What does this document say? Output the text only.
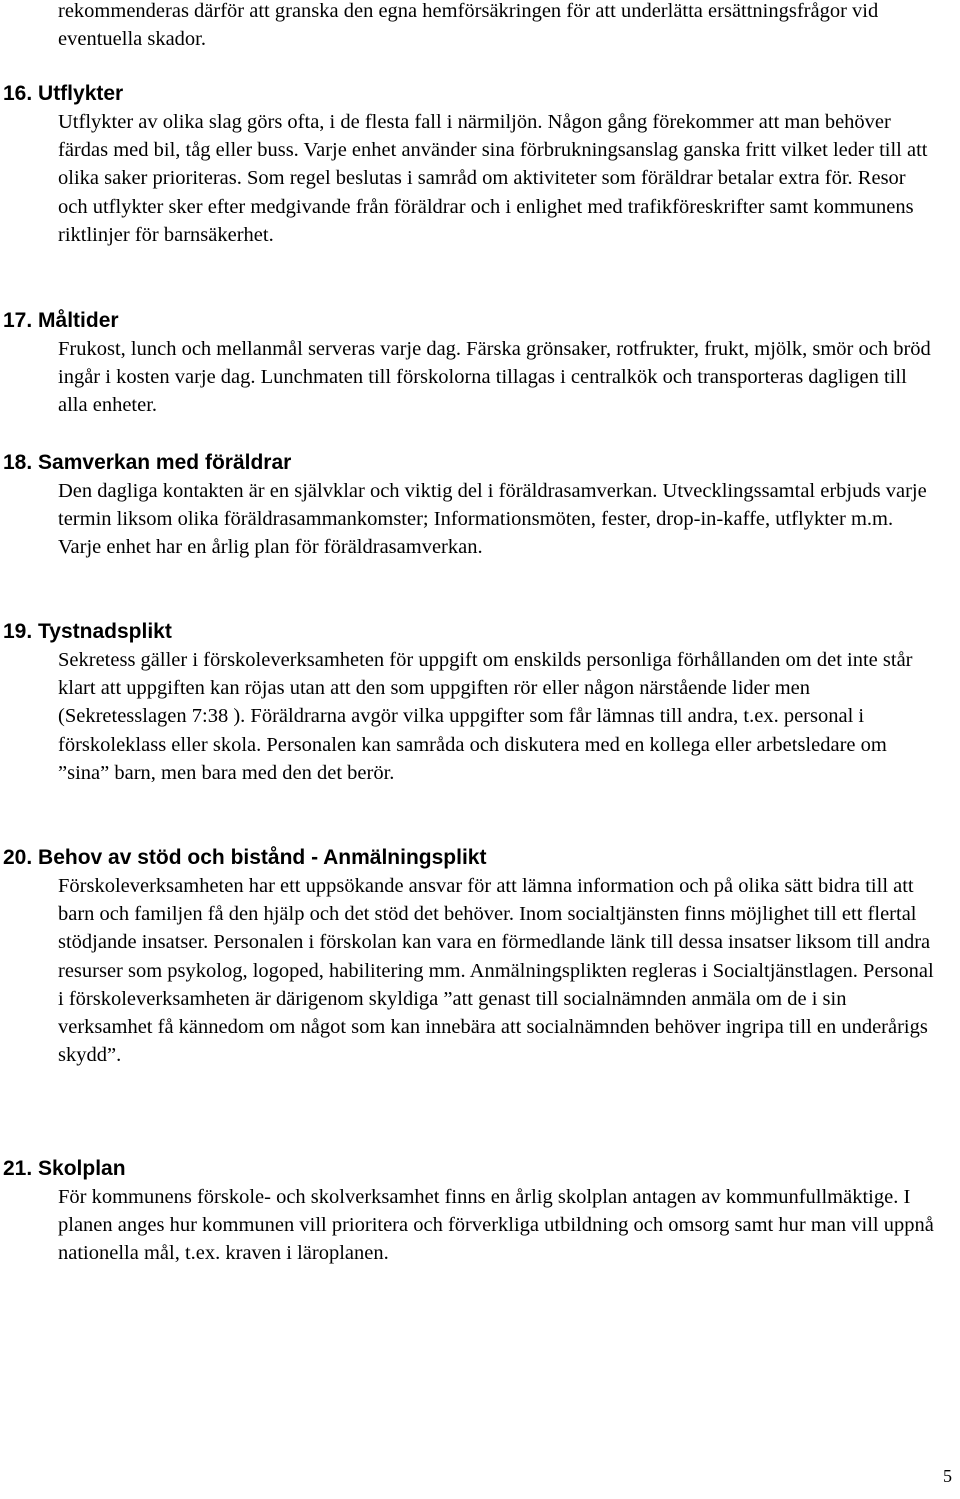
rekommenderas därför att granska den egna hemförsäkringen för att underlätta ersättningsfrågor vid eventuella skador.

16. Utflykter

Utflykter av olika slag görs ofta, i de flesta fall i närmiljön. Någon gång förekommer att man behöver färdas med bil, tåg eller buss. Varje enhet använder sina förbrukningsanslag ganska fritt vilket leder till att olika saker prioriteras. Som regel beslutas i samråd om aktiviteter som föräldrar betalar extra för. Resor och utflykter sker efter medgivande från föräldrar och i enlighet med trafikföreskrifter samt kommunens riktlinjer för barnsäkerhet.

17. Måltider

Frukost, lunch och mellanmål serveras varje dag. Färska grönsaker, rotfrukter, frukt, mjölk, smör och bröd ingår i kosten varje dag. Lunchmaten till förskolorna tillagas i centralkök och transporteras dagligen till alla enheter.

18. Samverkan med föräldrar

Den dagliga kontakten är en självklar och viktig del i föräldrasamverkan. Utvecklingssamtal erbjuds varje termin liksom olika föräldrasammankomster; Informationsmöten, fester, drop-in-kaffe, utflykter m.m. Varje enhet har en årlig plan för föräldrasamverkan.

19. Tystnadsplikt

Sekretess gäller i förskoleverksamheten för uppgift om enskilds personliga förhållanden om det inte står klart att uppgiften kan röjas utan att den som uppgiften rör eller någon närstående lider men (Sekretesslagen 7:38 ). Föräldrarna avgör vilka uppgifter som får lämnas till andra, t.ex. personal i förskoleklass eller skola. Personalen kan samråda och diskutera med en kollega eller arbetsledare om ”sina” barn, men bara med den det berör.

20. Behov av stöd och bistånd - Anmälningsplikt

Förskoleverksamheten har ett uppsökande ansvar för att lämna information och på olika sätt bidra till att barn och familjen få den hjälp och det stöd det behöver. Inom socialtjänsten finns möjlighet till ett flertal stödjande insatser. Personalen i förskolan kan vara en förmedlande länk till dessa insatser liksom till andra resurser som psykolog, logoped, habilitering mm. Anmälningsplikten regleras i Socialtjänstlagen. Personal i förskoleverksamheten är därigenom skyldiga ”att genast till socialnämnden anmäla om de i sin verksamhet få kännedom om något som kan innebära att socialnämnden behöver ingripa till en underårigs skydd”.

21. Skolplan

För kommunens förskole- och skolverksamhet finns en årlig skolplan antagen av kommunfullmäktige. I planen anges hur kommunen vill prioritera och förverkliga utbildning och omsorg samt hur man vill uppnå nationella mål, t.ex. kraven i läroplanen.

5
